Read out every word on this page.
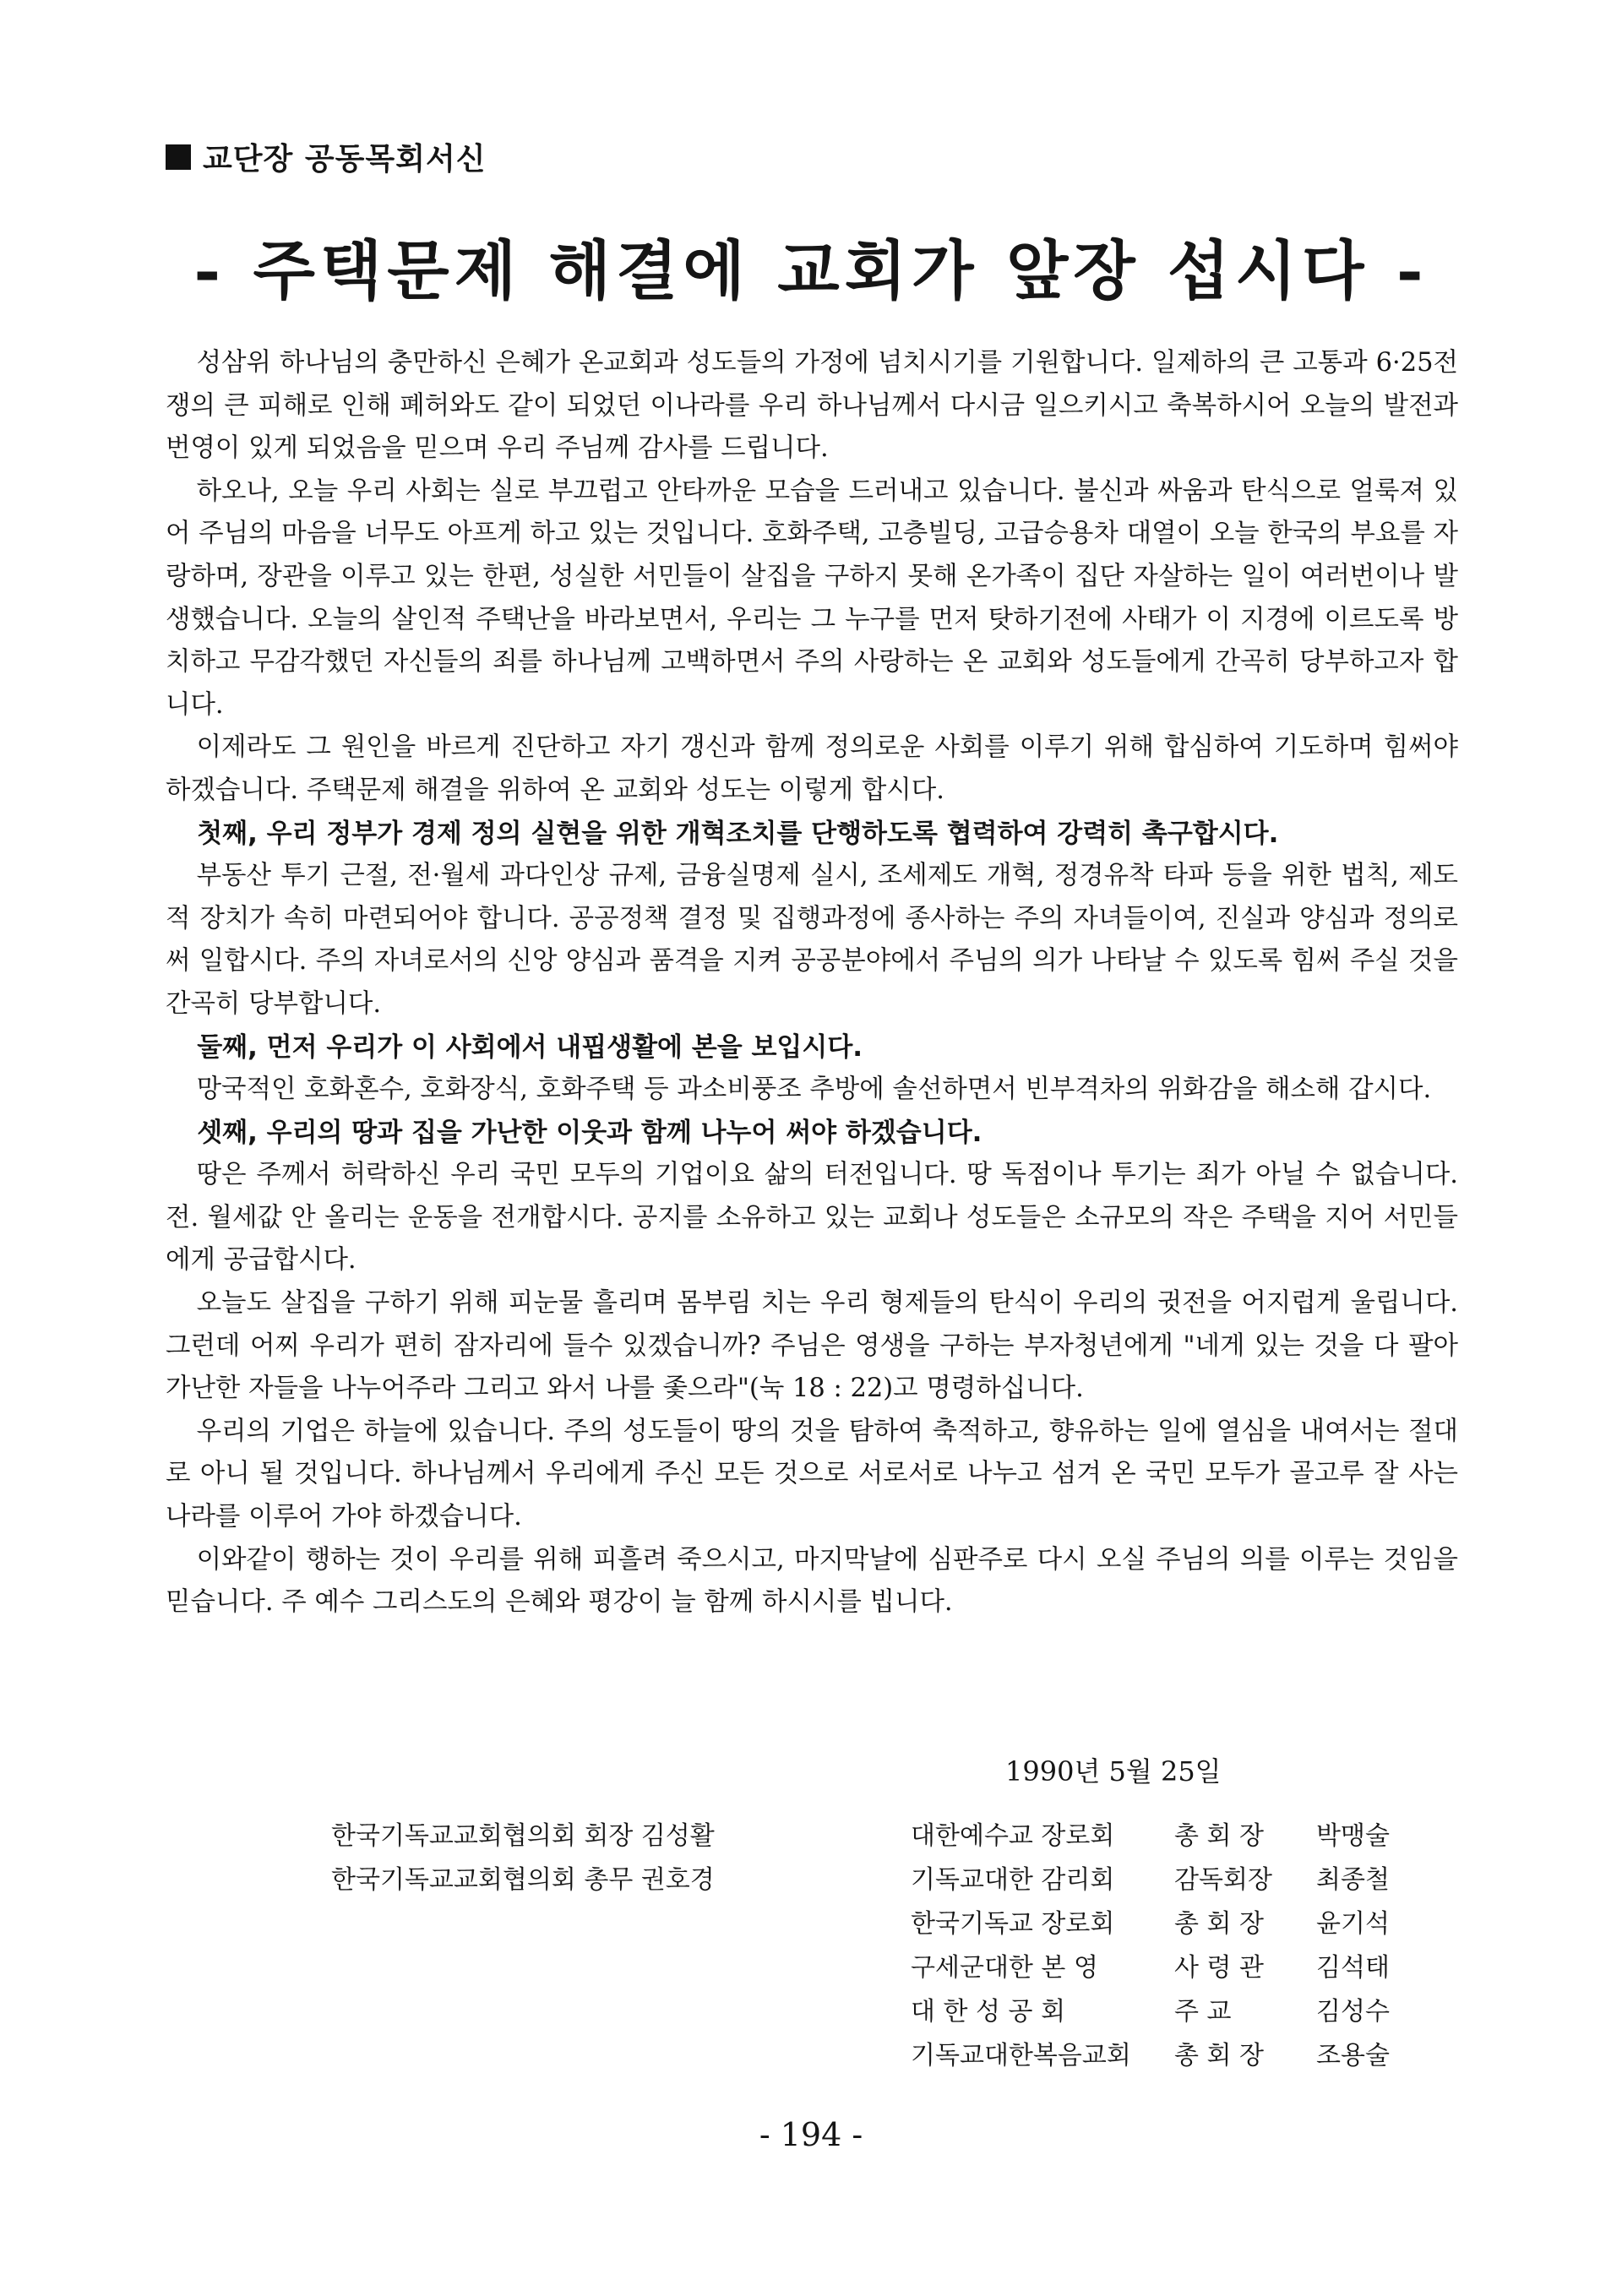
교단장 공동목회서신
- 주택문제 해결에 교회가 앞장 섭시다 -

성삼위 하나님의 충만하신 은혜가 온교회과 성도들의 가정에 넘치시기를 기원합니다. 일제하의 큰 고통과 6·25전쟁의 큰 피해로 인해 폐허와도 같이 되었던 이나라를 우리 하나님께서 다시금 일으키시고 축복하시어 오늘의 발전과 번영이 있게 되었음을 믿으며 우리 주님께 감사를 드립니다.

하오나, 오늘 우리 사회는 실로 부끄럽고 안타까운 모습을 드러내고 있습니다. 불신과 싸움과 탄식으로 얼룩져 있어 주님의 마음을 너무도 아프게 하고 있는 것입니다. 호화주택, 고층빌딩, 고급승용차 대열이 오늘 한국의 부요를 자랑하며, 장관을 이루고 있는 한편, 성실한 서민들이 살집을 구하지 못해 온가족이 집단 자살하는 일이 여러번이나 발생했습니다. 오늘의 살인적 주택난을 바라보면서, 우리는 그 누구를 먼저 탓하기전에 사태가 이 지경에 이르도록 방치하고 무감각했던 자신들의 죄를 하나님께 고백하면서 주의 사랑하는 온 교회와 성도들에게 간곡히 당부하고자 합니다.

이제라도 그 원인을 바르게 진단하고 자기 갱신과 함께 정의로운 사회를 이루기 위해 합심하여 기도하며 힘써야 하겠습니다. 주택문제 해결을 위하여 온 교회와 성도는 이렇게 합시다.

첫째, 우리 정부가 경제 정의 실현을 위한 개혁조치를 단행하도록 협력하여 강력히 촉구합시다.

부동산 투기 근절, 전·월세 과다인상 규제, 금융실명제 실시, 조세제도 개혁, 정경유착 타파 등을 위한 법칙, 제도적 장치가 속히 마련되어야 합니다. 공공정책 결정 및 집행과정에 종사하는 주의 자녀들이여, 진실과 양심과 정의로써 일합시다. 주의 자녀로서의 신앙 양심과 품격을 지켜 공공분야에서 주님의 의가 나타날 수 있도록 힘써 주실 것을 간곡히 당부합니다.

둘째, 먼저 우리가 이 사회에서 내핍생활에 본을 보입시다.

망국적인 호화혼수, 호화장식, 호화주택 등 과소비풍조 추방에 솔선하면서 빈부격차의 위화감을 해소해 갑시다.

셋째, 우리의 땅과 집을 가난한 이웃과 함께 나누어 써야 하겠습니다.

땅은 주께서 허락하신 우리 국민 모두의 기업이요 삶의 터전입니다. 땅 독점이나 투기는 죄가 아닐 수 없습니다. 전. 월세값 안 올리는 운동을 전개합시다. 공지를 소유하고 있는 교회나 성도들은 소규모의 작은 주택을 지어 서민들에게 공급합시다.

오늘도 살집을 구하기 위해 피눈물 흘리며 몸부림 치는 우리 형제들의 탄식이 우리의 귓전을 어지럽게 울립니다. 그런데 어찌 우리가 편히 잠자리에 들수 있겠습니까? 주님은 영생을 구하는 부자청년에게 "네게 있는 것을 다 팔아 가난한 자들을 나누어주라 그리고 와서 나를 좇으라"(눅 18 : 22)고 명령하십니다.

우리의 기업은 하늘에 있습니다. 주의 성도들이 땅의 것을 탐하여 축적하고, 향유하는 일에 열심을 내여서는 절대로 아니 될 것입니다. 하나님께서 우리에게 주신 모든 것으로 서로서로 나누고 섬겨 온 국민 모두가 골고루 잘 사는 나라를 이루어 가야 하겠습니다.

이와같이 행하는 것이 우리를 위해 피흘려 죽으시고, 마지막날에 심판주로 다시 오실 주님의 의를 이루는 것임을 믿습니다. 주 예수 그리스도의 은혜와 평강이 늘 함께 하시시를 빕니다.

1990년 5월 25일
한국기독교교회협의회 회장 김성활
한국기독교교회협의회 총무 권호경
대한예수교 장로회	총 회 장	박맹술
기독교대한 감리회	감독회장	최종철
한국기독교 장로회	총 회 장	윤기석
구세군대한 본 영	사 령 관	김석태
대 한 성 공 회	주 교	김성수
기독교대한복음교회	총 회 장	조용술
- 194 -
